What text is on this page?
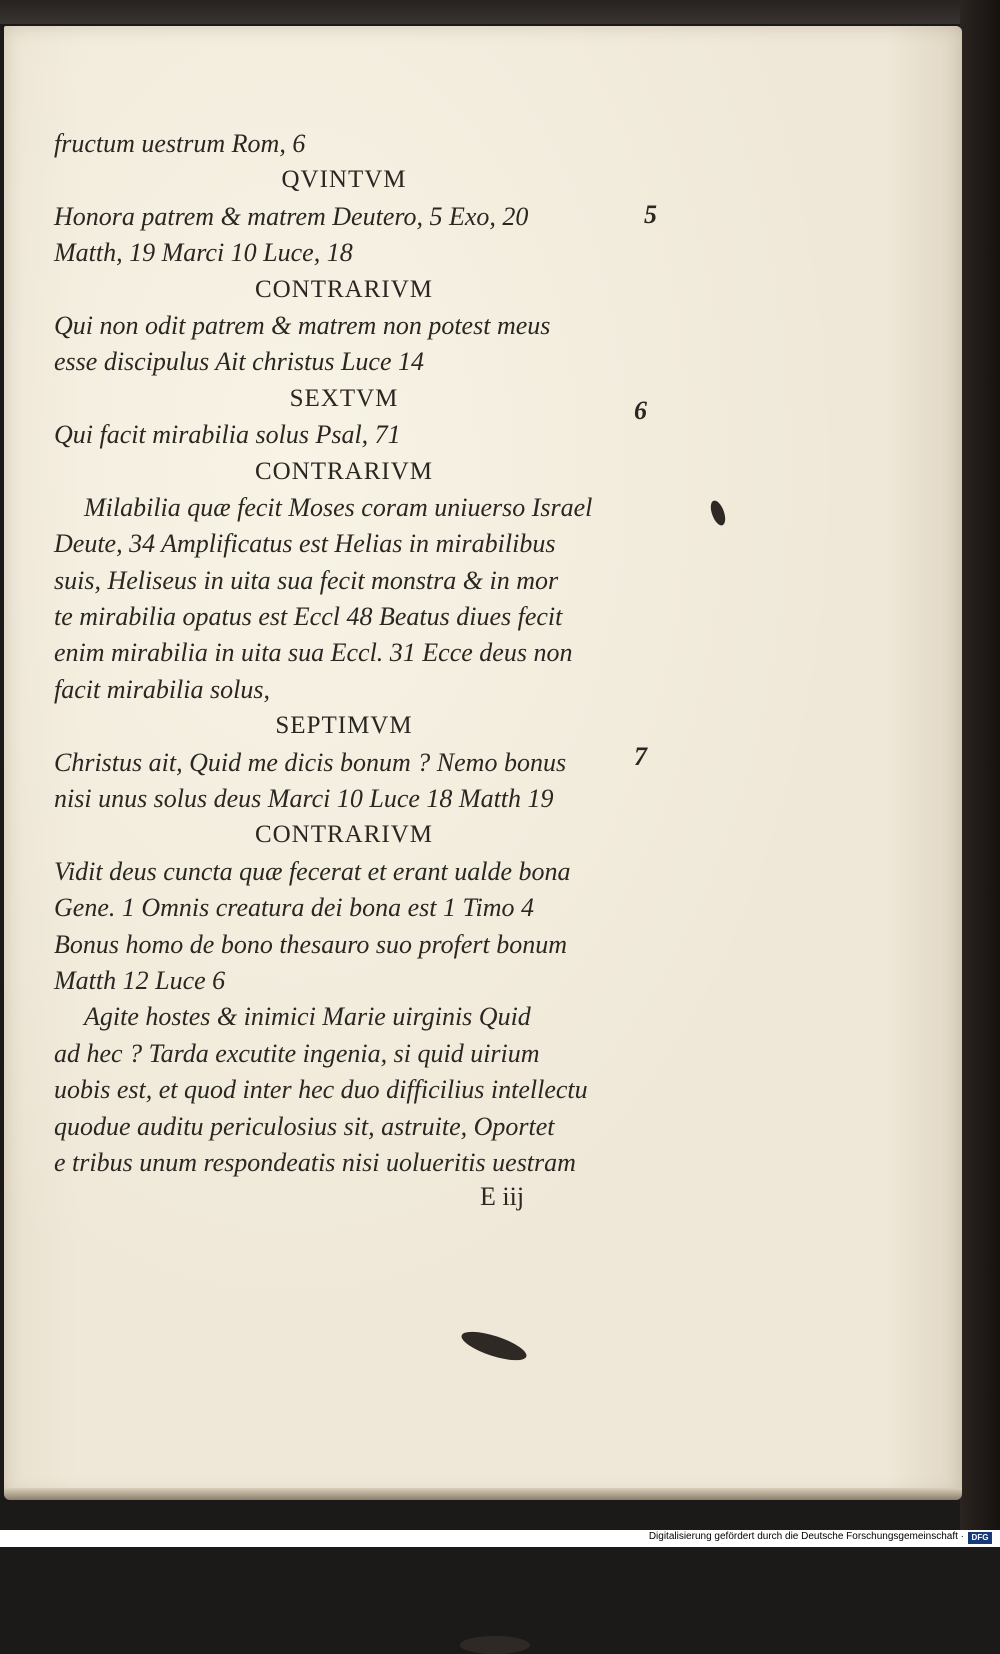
fructum uestrum Rom, 6
QVINTVM
Honora patrem & matrem Deutero, 5 Exo, 20
Matth, 19 Marci 10 Luce, 18
CONTRARIVM
Qui non odit patrem & matrem non potest meus
esse discipulus Ait christus Luce 14
SEXTVM
Qui facit mirabilia solus Psal, 71
CONTRARIVM
Milabilia quæ fecit Moses coram uniuerso Israel
Deute, 34 Amplificatus est Helias in mirabilibus
suis, Heliseus in uita sua fecit monstra & in mor
te mirabilia opatus est Eccl 48 Beatus diues fecit
enim mirabilia in uita sua Eccl. 31 Ecce deus non
facit mirabilia solus,
SEPTIMVM
Christus ait, Quid me dicis bonum ? Nemo bonus
nisi unus solus deus Marci 10 Luce 18 Matth 19
CONTRARIVM
Vidit deus cuncta quæ fecerat et erant ualde bona
Gene. 1 Omnis creatura dei bona est 1 Timo 4
Bonus homo de bono thesauro suo profert bonum
Matth 12 Luce 6
Agite hostes & inimici Marie uirginis Quid
ad hec ? Tarda excutite ingenia, si quid uirium
uobis est, et quod inter hec duo difficilius intellectu
quodue auditu periculosius sit, astruite, Oportet
e tribus unum respondeatis nisi uolueritis uestram
5
6
7
E iij
Digitalisierung gefördert durch die Deutsche Forschungsgemeinschaft · DFG
